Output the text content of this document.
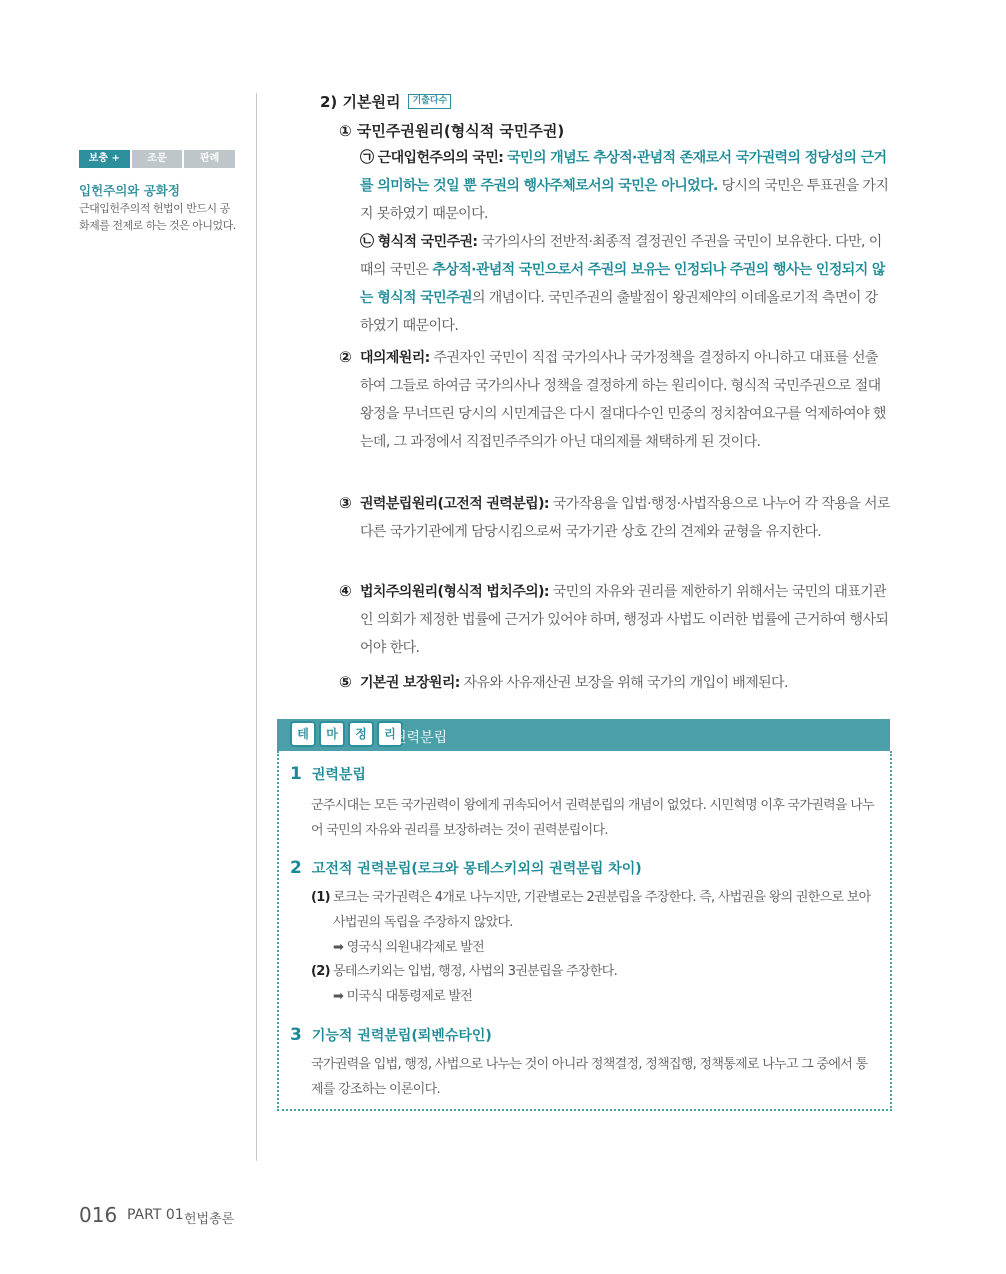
보충 +	조문	판례
입헌주의와 공화정
근대입헌주의적 헌법이 반드시 공화제를 전제로 하는 것은 아니었다.
2) 기본원리	기출다수
① 국민주권원리(형식적 국민주권)
㉠ 근대입헌주의의 국민: 국민의 개념도 추상적·관념적 존재로서 국가권력의 정당성의 근거를 의미하는 것일 뿐 주권의 행사주체로서의 국민은 아니었다. 당시의 국민은 투표권을 가지지 못하였기 때문이다.
㉡ 형식적 국민주권: 국가의사의 전반적·최종적 결정권인 주권을 국민이 보유한다. 다만, 이때의 국민은 추상적·관념적 국민으로서 주권의 보유는 인정되나 주권의 행사는 인정되지 않는 형식적 국민주권의 개념이다. 국민주권의 출발점이 왕권제약의 이데올로기적 측면이 강하였기 때문이다.
② 대의제원리: 주권자인 국민이 직접 국가의사나 국가정책을 결정하지 아니하고 대표를 선출하여 그들로 하여금 국가의사나 정책을 결정하게 하는 원리이다. 형식적 국민주권으로 절대왕정을 무너뜨린 당시의 시민계급은 다시 절대다수인 민중의 정치참여요구를 억제하여야 했는데, 그 과정에서 직접민주주의가 아닌 대의제를 채택하게 된 것이다.
③ 권력분립원리(고전적 권력분립): 국가작용을 입법·행정·사법작용으로 나누어 각 작용을 서로 다른 국가기관에게 담당시킴으로써 국가기관 상호 간의 견제와 균형을 유지한다.
④ 법치주의원리(형식적 법치주의): 국민의 자유와 권리를 제한하기 위해서는 국민의 대표기관인 의회가 제정한 법률에 근거가 있어야 하며, 행정과 사법도 이러한 법률에 근거하여 행사되어야 한다.
⑤ 기본권 보장원리: 자유와 사유재산권 보장을 위해 국가의 개입이 배제된다.
테	마	정	리
권력분립
1 권력분립
군주시대는 모든 국가권력이 왕에게 귀속되어서 권력분립의 개념이 없었다. 시민혁명 이후 국가권력을 나누어 국민의 자유와 권리를 보장하려는 것이 권력분립이다.
2 고전적 권력분립(로크와 몽테스키외의 권력분립 차이)
(1) 로크는 국가권력은 4개로 나누지만, 기관별로는 2권분립을 주장한다. 즉, 사법권을 왕의 권한으로 보아 사법권의 독립을 주장하지 않았다.
➡ 영국식 의원내각제로 발전
(2) 몽테스키외는 입법, 행정, 사법의 3권분립을 주장한다.
➡ 미국식 대통령제로 발전
3 기능적 권력분립(뢰벤슈타인)
국가권력을 입법, 행정, 사법으로 나누는 것이 아니라 정책결정, 정책집행, 정책통제로 나누고 그 중에서 통제를 강조하는 이론이다.
016 PART 01 헌법총론
